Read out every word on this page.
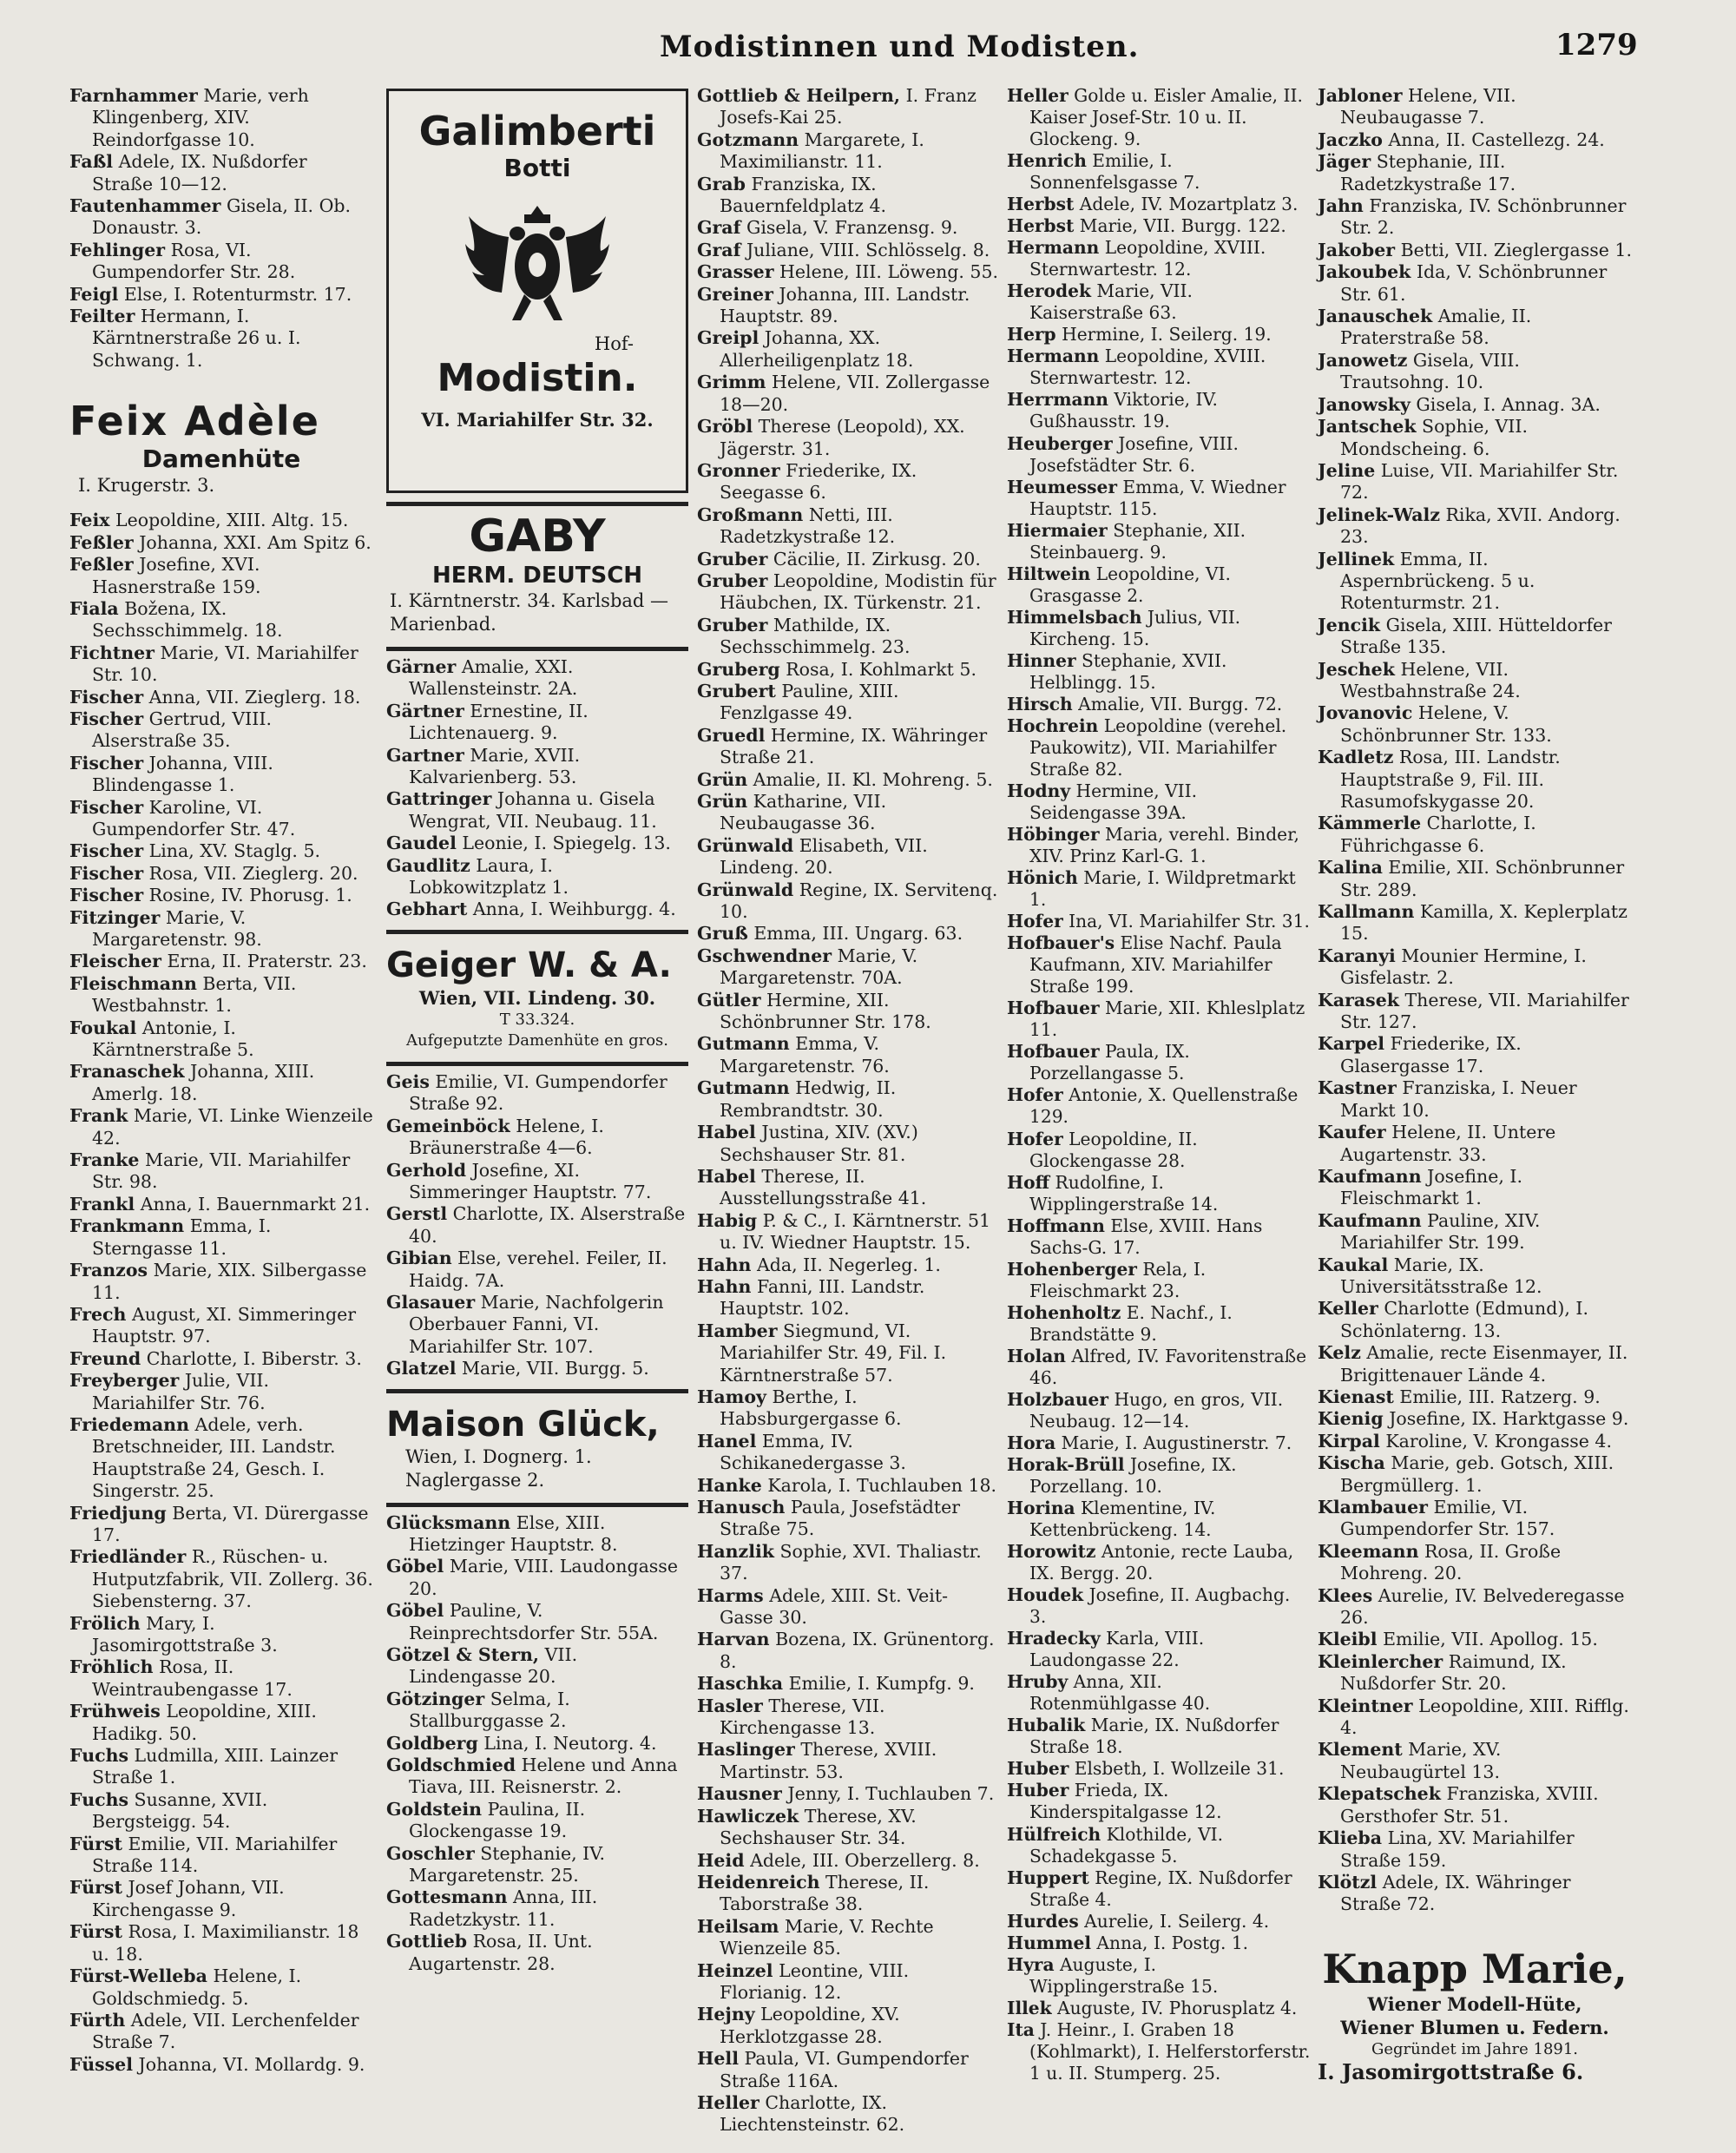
Modistinnen und Modisten.	1279

Farnhammer Marie, verh Klingenberg, XIV. Reindorfgasse 10.

Faßl Adele, IX. Nußdorfer Straße 10—12.

Fautenhammer Gisela, II. Ob. Donaustr. 3.

Fehlinger Rosa, VI. Gumpendorfer Str. 28.

Feigl Else, I. Rotenturmstr. 17.

Feilter Hermann, I. Kärntnerstraße 26 u. I. Schwang. 1.

Feix Adèle
Damenhüte
I. Krugerstr. 3.

Feix Leopoldine, XIII. Altg. 15.

Feßler Johanna, XXI. Am Spitz 6.

Feßler Josefine, XVI. Hasnerstraße 159.

Fiala Božena, IX. Sechsschimmelg. 18.

Fichtner Marie, VI. Mariahilfer Str. 10.

Fischer Anna, VII. Zieglerg. 18.

Fischer Gertrud, VIII. Alserstraße 35.

Fischer Johanna, VIII. Blindengasse 1.

Fischer Karoline, VI. Gumpendorfer Str. 47.

Fischer Lina, XV. Staglg. 5.

Fischer Rosa, VII. Zieglerg. 20.

Fischer Rosine, IV. Phorusg. 1.

Fitzinger Marie, V. Margaretenstr. 98.

Fleischer Erna, II. Praterstr. 23.

Fleischmann Berta, VII. Westbahnstr. 1.

Foukal Antonie, I. Kärntnerstraße 5.

Franaschek Johanna, XIII. Amerlg. 18.

Frank Marie, VI. Linke Wienzeile 42.

Franke Marie, VII. Mariahilfer Str. 98.

Frankl Anna, I. Bauernmarkt 21.

Frankmann Emma, I. Sterngasse 11.

Franzos Marie, XIX. Silbergasse 11.

Frech August, XI. Simmeringer Hauptstr. 97.

Freund Charlotte, I. Biberstr. 3.

Freyberger Julie, VII. Mariahilfer Str. 76.

Friedemann Adele, verh. Bretschneider, III. Landstr. Hauptstraße 24, Gesch. I. Singerstr. 25.

Friedjung Berta, VI. Dürergasse 17.

Friedländer R., Rüschen- u. Hutputzfabrik, VII. Zollerg. 36. Siebensterng. 37.

Frölich Mary, I. Jasomirgottstraße 3.

Fröhlich Rosa, II. Weintraubengasse 17.

Frühweis Leopoldine, XIII. Hadikg. 50.

Fuchs Ludmilla, XIII. Lainzer Straße 1.

Fuchs Susanne, XVII. Bergsteigg. 54.

Fürst Emilie, VII. Mariahilfer Straße 114.

Fürst Josef Johann, VII. Kirchengasse 9.

Fürst Rosa, I. Maximilianstr. 18 u. 18.

Fürst-Welleba Helene, I. Goldschmiedg. 5.

Fürth Adele, VII. Lerchenfelder Straße 7.

Füssel Johanna, VI. Mollardg. 9.

Galimberti
Botti
Hof-
Modistin.
VI. Mariahilfer Str. 32.
GABY
HERM. DEUTSCH
I. Kärntnerstr. 34. Karlsbad — Marienbad.

Gärner Amalie, XXI. Wallensteinstr. 2A.

Gärtner Ernestine, II. Lichtenauerg. 9.

Gartner Marie, XVII. Kalvarienberg. 53.

Gattringer Johanna u. Gisela Wengrat, VII. Neubaug. 11.

Gaudel Leonie, I. Spiegelg. 13.

Gaudlitz Laura, I. Lobkowitzplatz 1.

Gebhart Anna, I. Weihburgg. 4.

Geiger W. & A.
Wien, VII. Lindeng. 30.
T 33.324.
Aufgeputzte Damenhüte en gros.

Geis Emilie, VI. Gumpendorfer Straße 92.

Gemeinböck Helene, I. Bräunerstraße 4—6.

Gerhold Josefine, XI. Simmeringer Hauptstr. 77.

Gerstl Charlotte, IX. Alserstraße 40.

Gibian Else, verehel. Feiler, II. Haidg. 7A.

Glasauer Marie, Nachfolgerin Oberbauer Fanni, VI. Mariahilfer Str. 107.

Glatzel Marie, VII. Burgg. 5.

Maison Glück,
Wien, I. Dognerg. 1. Naglergasse 2.

Glücksmann Else, XIII. Hietzinger Hauptstr. 8.

Göbel Marie, VIII. Laudongasse 20.

Göbel Pauline, V. Reinprechtsdorfer Str. 55A.

Götzel & Stern, VII. Lindengasse 20.

Götzinger Selma, I. Stallburggasse 2.

Goldberg Lina, I. Neutorg. 4.

Goldschmied Helene und Anna Tiava, III. Reisnerstr. 2.

Goldstein Paulina, II. Glockengasse 19.

Goschler Stephanie, IV. Margaretenstr. 25.

Gottesmann Anna, III. Radetzkystr. 11.

Gottlieb Rosa, II. Unt. Augartenstr. 28.

Gottlieb & Heilpern, I. Franz Josefs-Kai 25.

Gotzmann Margarete, I. Maximilianstr. 11.

Grab Franziska, IX. Bauernfeldplatz 4.

Graf Gisela, V. Franzensg. 9.

Graf Juliane, VIII. Schlösselg. 8.

Grasser Helene, III. Löweng. 55.

Greiner Johanna, III. Landstr. Hauptstr. 89.

Greipl Johanna, XX. Allerheiligenplatz 18.

Grimm Helene, VII. Zollergasse 18—20.

Gröbl Therese (Leopold), XX. Jägerstr. 31.

Gronner Friederike, IX. Seegasse 6.

Großmann Netti, III. Radetzkystraße 12.

Gruber Cäcilie, II. Zirkusg. 20.

Gruber Leopoldine, Modistin für Häubchen, IX. Türkenstr. 21.

Gruber Mathilde, IX. Sechsschimmelg. 23.

Gruberg Rosa, I. Kohlmarkt 5.

Grubert Pauline, XIII. Fenzlgasse 49.

Gruedl Hermine, IX. Währinger Straße 21.

Grün Amalie, II. Kl. Mohreng. 5.

Grün Katharine, VII. Neubaugasse 36.

Grünwald Elisabeth, VII. Lindeng. 20.

Grünwald Regine, IX. Servitenq. 10.

Gruß Emma, III. Ungarg. 63.

Gschwendner Marie, V. Margaretenstr. 70A.

Gütler Hermine, XII. Schönbrunner Str. 178.

Gutmann Emma, V. Margaretenstr. 76.

Gutmann Hedwig, II. Rembrandtstr. 30.

Habel Justina, XIV. (XV.) Sechshauser Str. 81.

Habel Therese, II. Ausstellungsstraße 41.

Habig P. & C., I. Kärntnerstr. 51 u. IV. Wiedner Hauptstr. 15.

Hahn Ada, II. Negerleg. 1.

Hahn Fanni, III. Landstr. Hauptstr. 102.

Hamber Siegmund, VI. Mariahilfer Str. 49, Fil. I. Kärntnerstraße 57.

Hamoy Berthe, I. Habsburgergasse 6.

Hanel Emma, IV. Schikanedergasse 3.

Hanke Karola, I. Tuchlauben 18.

Hanusch Paula, Josefstädter Straße 75.

Hanzlik Sophie, XVI. Thaliastr. 37.

Harms Adele, XIII. St. Veit-Gasse 30.

Harvan Bozena, IX. Grünentorg. 8.

Haschka Emilie, I. Kumpfg. 9.

Hasler Therese, VII. Kirchengasse 13.

Haslinger Therese, XVIII. Martinstr. 53.

Hausner Jenny, I. Tuchlauben 7.

Hawliczek Therese, XV. Sechshauser Str. 34.

Heid Adele, III. Oberzellerg. 8.

Heidenreich Therese, II. Taborstraße 38.

Heilsam Marie, V. Rechte Wienzeile 85.

Heinzel Leontine, VIII. Florianig. 12.

Hejny Leopoldine, XV. Herklotzgasse 28.

Hell Paula, VI. Gumpendorfer Straße 116A.

Heller Charlotte, IX. Liechtensteinstr. 62.

Heller Golde u. Eisler Amalie, II. Kaiser Josef-Str. 10 u. II. Glockeng. 9.

Henrich Emilie, I. Sonnenfelsgasse 7.

Herbst Adele, IV. Mozartplatz 3.

Herbst Marie, VII. Burgg. 122.

Hermann Leopoldine, XVIII. Sternwartestr. 12.

Herodek Marie, VII. Kaiserstraße 63.

Herp Hermine, I. Seilerg. 19.

Hermann Leopoldine, XVIII. Sternwartestr. 12.

Herrmann Viktorie, IV. Gußhausstr. 19.

Heuberger Josefine, VIII. Josefstädter Str. 6.

Heumesser Emma, V. Wiedner Hauptstr. 115.

Hiermaier Stephanie, XII. Steinbauerg. 9.

Hiltwein Leopoldine, VI. Grasgasse 2.

Himmelsbach Julius, VII. Kircheng. 15.

Hinner Stephanie, XVII. Helblingg. 15.

Hirsch Amalie, VII. Burgg. 72.

Hochrein Leopoldine (verehel. Paukowitz), VII. Mariahilfer Straße 82.

Hodny Hermine, VII. Seidengasse 39A.

Höbinger Maria, verehl. Binder, XIV. Prinz Karl-G. 1.

Hönich Marie, I. Wildpretmarkt 1.

Hofer Ina, VI. Mariahilfer Str. 31.

Hofbauer's Elise Nachf. Paula Kaufmann, XIV. Mariahilfer Straße 199.

Hofbauer Marie, XII. Khleslplatz 11.

Hofbauer Paula, IX. Porzellangasse 5.

Hofer Antonie, X. Quellenstraße 129.

Hofer Leopoldine, II. Glockengasse 28.

Hoff Rudolfine, I. Wipplingerstraße 14.

Hoffmann Else, XVIII. Hans Sachs-G. 17.

Hohenberger Rela, I. Fleischmarkt 23.

Hohenholtz E. Nachf., I. Brandstätte 9.

Holan Alfred, IV. Favoritenstraße 46.

Holzbauer Hugo, en gros, VII. Neubaug. 12—14.

Hora Marie, I. Augustinerstr. 7.

Horak-Brüll Josefine, IX. Porzellang. 10.

Horina Klementine, IV. Kettenbrückeng. 14.

Horowitz Antonie, recte Lauba, IX. Bergg. 20.

Houdek Josefine, II. Augbachg. 3.

Hradecky Karla, VIII. Laudongasse 22.

Hruby Anna, XII. Rotenmühlgasse 40.

Hubalik Marie, IX. Nußdorfer Straße 18.

Huber Elsbeth, I. Wollzeile 31.

Huber Frieda, IX. Kinderspitalgasse 12.

Hülfreich Klothilde, VI. Schadekgasse 5.

Huppert Regine, IX. Nußdorfer Straße 4.

Hurdes Aurelie, I. Seilerg. 4.

Hummel Anna, I. Postg. 1.

Hyra Auguste, I. Wipplingerstraße 15.

Illek Auguste, IV. Phorusplatz 4.

Ita J. Heinr., I. Graben 18 (Kohlmarkt), I. Helferstorferstr. 1 u. II. Stumperg. 25.

Jabloner Helene, VII. Neubaugasse 7.

Jaczko Anna, II. Castellezg. 24.

Jäger Stephanie, III. Radetzkystraße 17.

Jahn Franziska, IV. Schönbrunner Str. 2.

Jakober Betti, VII. Zieglergasse 1.

Jakoubek Ida, V. Schönbrunner Str. 61.

Janauschek Amalie, II. Praterstraße 58.

Janowetz Gisela, VIII. Trautsohng. 10.

Janowsky Gisela, I. Annag. 3A.

Jantschek Sophie, VII. Mondscheing. 6.

Jeline Luise, VII. Mariahilfer Str. 72.

Jelinek-Walz Rika, XVII. Andorg. 23.

Jellinek Emma, II. Aspernbrückeng. 5 u. Rotenturmstr. 21.

Jencik Gisela, XIII. Hütteldorfer Straße 135.

Jeschek Helene, VII. Westbahnstraße 24.

Jovanovic Helene, V. Schönbrunner Str. 133.

Kadletz Rosa, III. Landstr. Hauptstraße 9, Fil. III. Rasumofskygasse 20.

Kämmerle Charlotte, I. Führichgasse 6.

Kalina Emilie, XII. Schönbrunner Str. 289.

Kallmann Kamilla, X. Keplerplatz 15.

Karanyi Mounier Hermine, I. Gisfelastr. 2.

Karasek Therese, VII. Mariahilfer Str. 127.

Karpel Friederike, IX. Glasergasse 17.

Kastner Franziska, I. Neuer Markt 10.

Kaufer Helene, II. Untere Augartenstr. 33.

Kaufmann Josefine, I. Fleischmarkt 1.

Kaufmann Pauline, XIV. Mariahilfer Str. 199.

Kaukal Marie, IX. Universitätsstraße 12.

Keller Charlotte (Edmund), I. Schönlaterng. 13.

Kelz Amalie, recte Eisenmayer, II. Brigittenauer Lände 4.

Kienast Emilie, III. Ratzerg. 9.

Kienig Josefine, IX. Harktgasse 9.

Kirpal Karoline, V. Krongasse 4.

Kischa Marie, geb. Gotsch, XIII. Bergmüllerg. 1.

Klambauer Emilie, VI. Gumpendorfer Str. 157.

Kleemann Rosa, II. Große Mohreng. 20.

Klees Aurelie, IV. Belvederegasse 26.

Kleibl Emilie, VII. Apollog. 15.

Kleinlercher Raimund, IX. Nußdorfer Str. 20.

Kleintner Leopoldine, XIII. Rifflg. 4.

Klement Marie, XV. Neubaugürtel 13.

Klepatschek Franziska, XVIII. Gersthofer Str. 51.

Klieba Lina, XV. Mariahilfer Straße 159.

Klötzl Adele, IX. Währinger Straße 72.

Knapp Marie,
Wiener Modell-Hüte,
Wiener Blumen u. Federn.
Gegründet im Jahre 1891.
I. Jasomirgottstraße 6.
